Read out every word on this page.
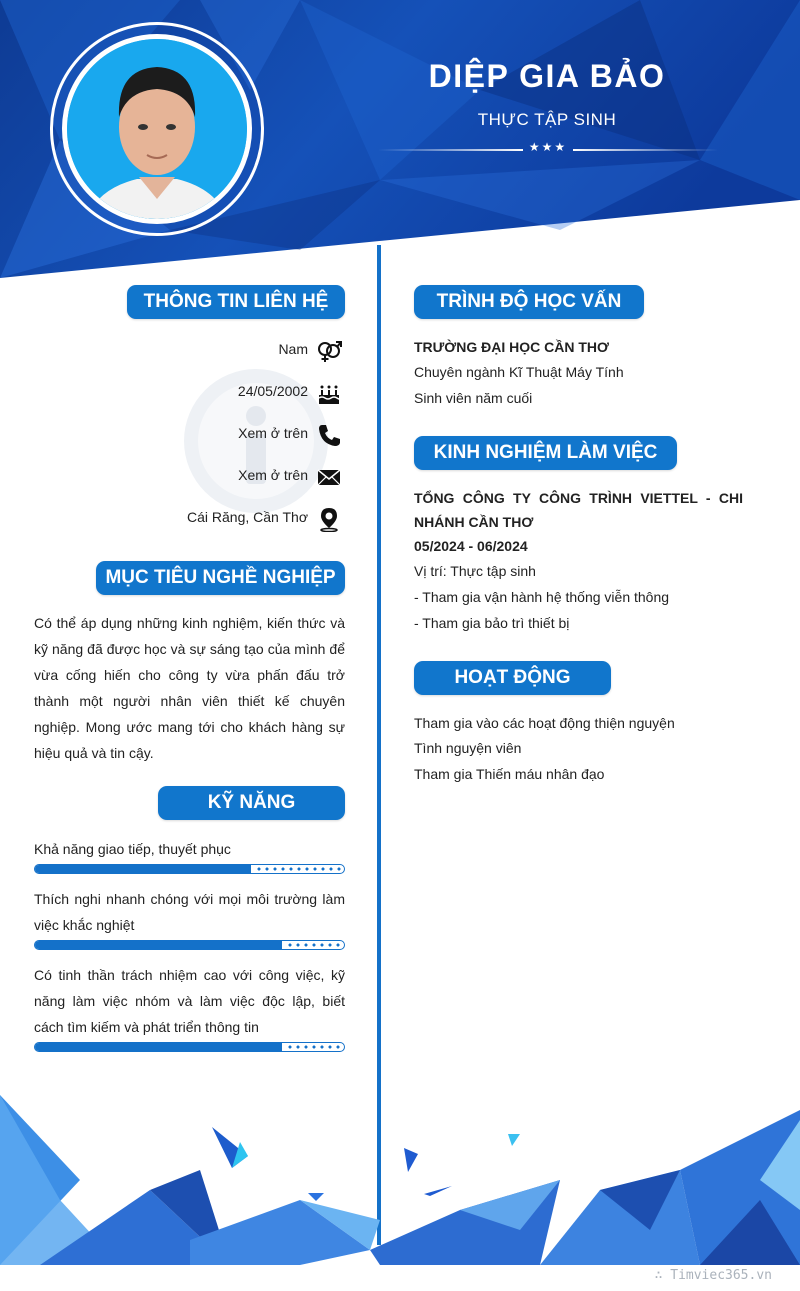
DIỆP GIA BẢO
THỰC TẬP SINH
★★★
THÔNG TIN LIÊN HỆ
Nam
24/05/2002
Xem ở trên
Xem ở trên
Cái Răng, Cần Thơ
MỤC TIÊU NGHỀ NGHIỆP
Có thể áp dụng những kinh nghiệm, kiến thức và kỹ năng đã được học và sự sáng tạo của mình để vừa cống hiến cho công ty vừa phấn đấu trở thành một người nhân viên thiết kế chuyên nghiệp. Mong ước mang tới cho khách hàng sự hiệu quả và tin cậy.
KỸ NĂNG
Khả năng giao tiếp, thuyết phục
Thích nghi nhanh chóng với mọi môi trường làm việc khắc nghiệt
Có tinh thần trách nhiệm cao với công việc, kỹ năng làm việc nhóm và làm việc độc lập, biết cách tìm kiếm và phát triển thông tin
TRÌNH ĐỘ HỌC VẤN
TRƯỜNG ĐẠI HỌC CẦN THƠ
Chuyên ngành Kĩ Thuật Máy Tính
Sinh viên năm cuối
KINH NGHIỆM LÀM VIỆC
TỔNG CÔNG TY CÔNG TRÌNH VIETTEL - CHI NHÁNH CẦN THƠ
05/2024 - 06/2024
Vị trí: Thực tập sinh
- Tham gia vận hành hệ thống viễn thông
- Tham gia bảo trì thiết bị
HOẠT ĐỘNG
Tham gia vào các hoạt động thiện nguyện
Tình nguyện viên
Tham gia Thiến máu nhân đạo
∴ Timviec365.vn
